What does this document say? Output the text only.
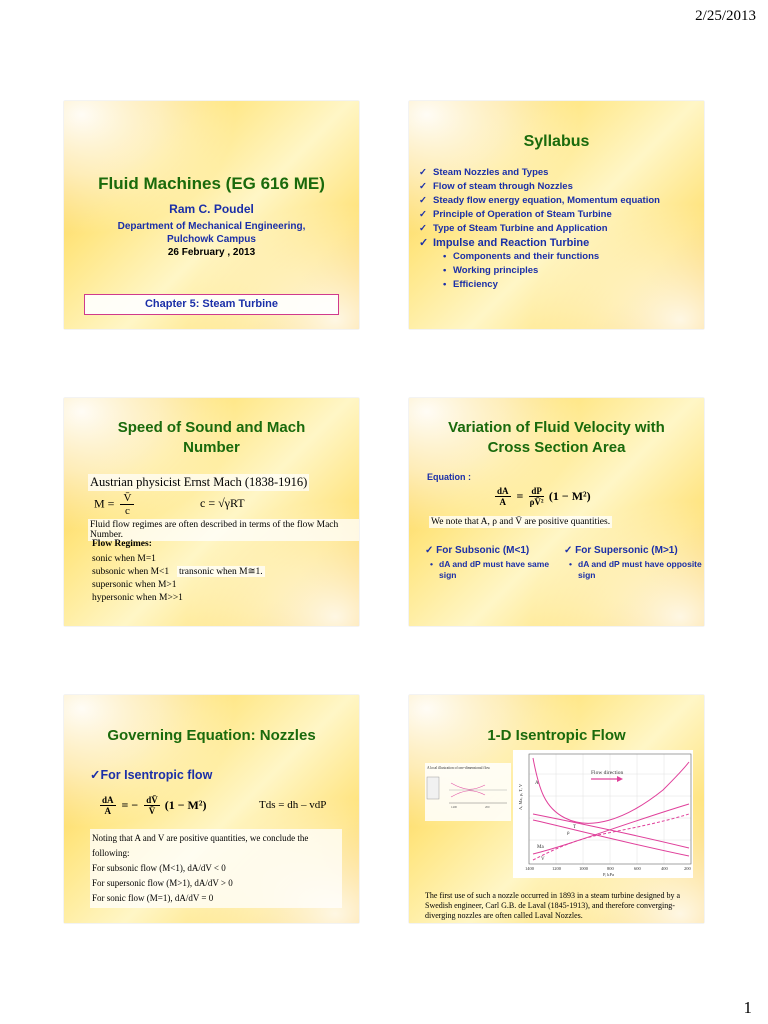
2/25/2013
Fluid Machines (EG 616 ME)
Ram C. Poudel
Department of Mechanical Engineering,
Pulchowk Campus
26 February , 2013
Chapter 5: Steam Turbine
Syllabus
✓ Steam Nozzles and Types
✓ Flow of steam through Nozzles
✓ Steady flow energy equation, Momentum equation
✓ Principle of Operation of Steam Turbine
✓ Type of Steam Turbine and Application
✓ Impulse and Reaction Turbine
• Components and their functions
• Working principles
• Efficiency
Speed of Sound and Mach
Number
Austrian physicist Ernst Mach (1838-1916)
$M = \frac{V̄}{c}$	c = √γRT
Fluid flow regimes are often described in terms of the flow Mach Number.
Flow Regimes:
sonic when M=1
subsonic when M<1
supersonic when M>1
hypersonic when M>>1
transonic when M≅1.
Variation of Fluid Velocity with
Cross Section Area
Equation :
$\frac{dA}{A} = \frac{dP}{\text{ρV̄²}} (1 - M^2)$
We note that A, ρ and V̄ are positive quantities.
✓ For Subsonic (M<1)
• dA and dP must have same sign
✓ For Supersonic (M>1)
• dA and dP must have opposite sign
Governing Equation: Nozzles
✓For Isentropic flow
$\frac{dA}{A}$ = − $\frac{dV̄}{V̄} (1 - M^2)$	Tds = dh – vdP
Noting that A and V are positive quantities, we conclude the following:
For subsonic flow (M<1), dA/dV < 0
For supersonic flow (M>1), dA/dV > 0
For sonic flow (M=1), dA/dV = 0
1-D Isentropic Flow
A local illustration of one-dimensional flow
1400	200
Flow direction
A
T
ρ
Ma
V
1400	1200	1000	800	600	400	200
P, kPa
A, Ma, ρ, T, V
The first use of such a nozzle occurred in 1893 in a steam turbine designed by a Swedish engineer, Carl G.B. de Laval (1845-1913), and therefore converging-diverging nozzles are often called Laval Nozzles.
1
